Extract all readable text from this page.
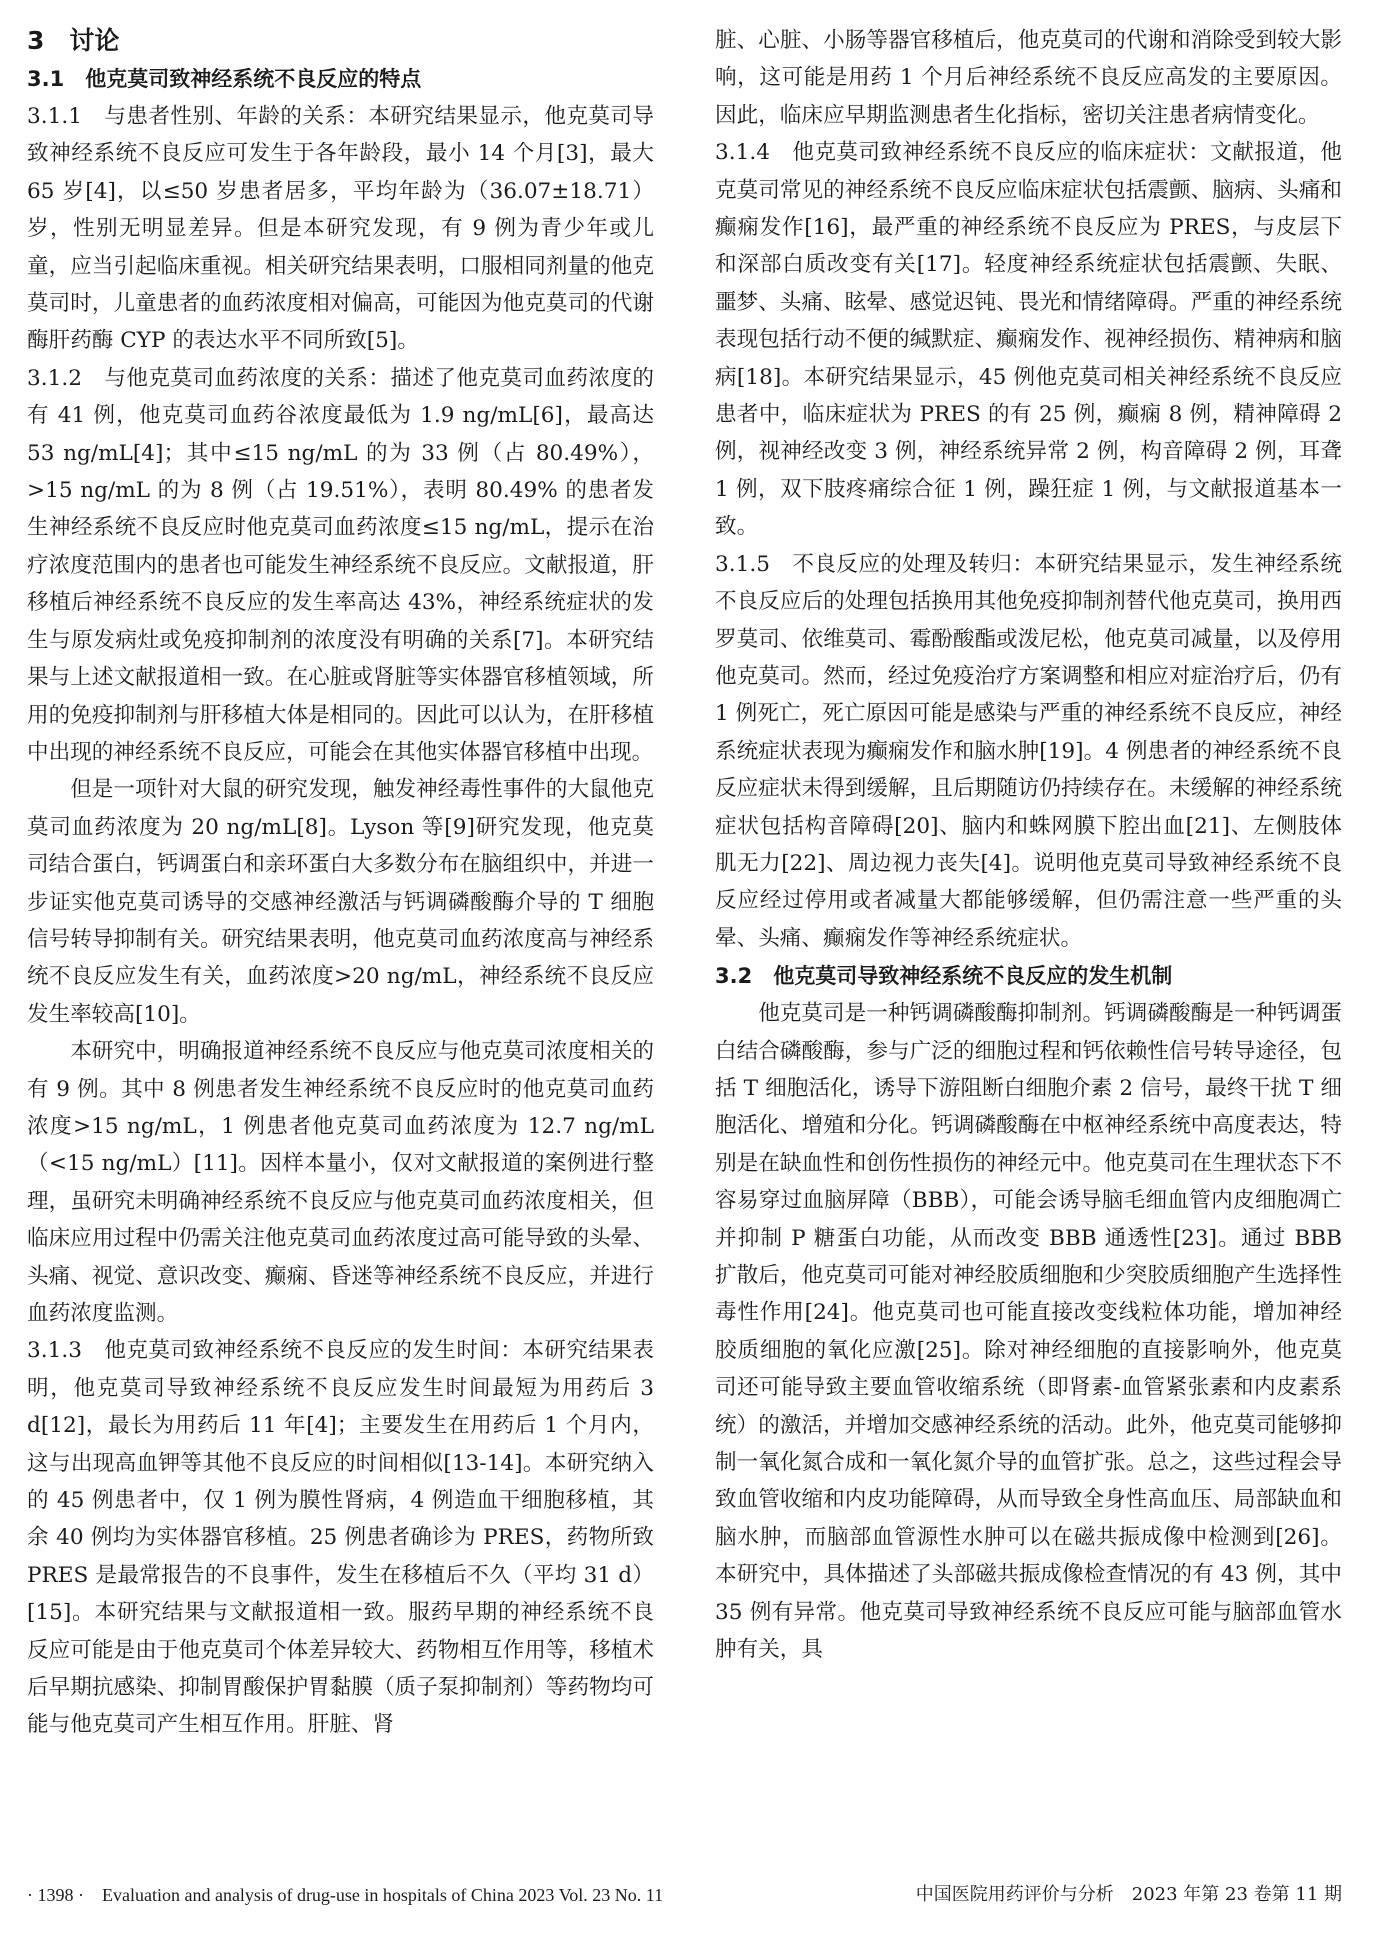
3　讨论

3.1　他克莫司致神经系统不良反应的特点

3.1.1　与患者性别、年龄的关系：本研究结果显示，他克莫司导致神经系统不良反应可发生于各年龄段，最小 14 个月[3]，最大 65 岁[4]，以≤50 岁患者居多，平均年龄为（36.07±18.71）岁，性别无明显差异。但是本研究发现，有 9 例为青少年或儿童，应当引起临床重视。相关研究结果表明，口服相同剂量的他克莫司时，儿童患者的血药浓度相对偏高，可能因为他克莫司的代谢酶肝药酶 CYP 的表达水平不同所致[5]。

3.1.2　与他克莫司血药浓度的关系：描述了他克莫司血药浓度的有 41 例，他克莫司血药谷浓度最低为 1.9 ng/mL[6]，最高达 53 ng/mL[4]；其中≤15 ng/mL 的为 33 例（占 80.49%），>15 ng/mL 的为 8 例（占 19.51%），表明 80.49% 的患者发生神经系统不良反应时他克莫司血药浓度≤15 ng/mL，提示在治疗浓度范围内的患者也可能发生神经系统不良反应。文献报道，肝移植后神经系统不良反应的发生率高达 43%，神经系统症状的发生与原发病灶或免疫抑制剂的浓度没有明确的关系[7]。本研究结果与上述文献报道相一致。在心脏或肾脏等实体器官移植领域，所用的免疫抑制剂与肝移植大体是相同的。因此可以认为，在肝移植中出现的神经系统不良反应，可能会在其他实体器官移植中出现。

但是一项针对大鼠的研究发现，触发神经毒性事件的大鼠他克莫司血药浓度为 20 ng/mL[8]。Lyson 等[9]研究发现，他克莫司结合蛋白，钙调蛋白和亲环蛋白大多数分布在脑组织中，并进一步证实他克莫司诱导的交感神经激活与钙调磷酸酶介导的 T 细胞信号转导抑制有关。研究结果表明，他克莫司血药浓度高与神经系统不良反应发生有关，血药浓度>20 ng/mL，神经系统不良反应发生率较高[10]。

本研究中，明确报道神经系统不良反应与他克莫司浓度相关的有 9 例。其中 8 例患者发生神经系统不良反应时的他克莫司血药浓度>15 ng/mL，1 例患者他克莫司血药浓度为 12.7 ng/mL（<15 ng/mL）[11]。因样本量小，仅对文献报道的案例进行整理，虽研究未明确神经系统不良反应与他克莫司血药浓度相关，但临床应用过程中仍需关注他克莫司血药浓度过高可能导致的头晕、头痛、视觉、意识改变、癫痫、昏迷等神经系统不良反应，并进行血药浓度监测。

3.1.3　他克莫司致神经系统不良反应的发生时间：本研究结果表明，他克莫司导致神经系统不良反应发生时间最短为用药后 3 d[12]，最长为用药后 11 年[4]；主要发生在用药后 1 个月内，这与出现高血钾等其他不良反应的时间相似[13-14]。本研究纳入的 45 例患者中，仅 1 例为膜性肾病，4 例造血干细胞移植，其余 40 例均为实体器官移植。25 例患者确诊为 PRES，药物所致 PRES 是最常报告的不良事件，发生在移植后不久（平均 31 d）[15]。本研究结果与文献报道相一致。服药早期的神经系统不良反应可能是由于他克莫司个体差异较大、药物相互作用等，移植术后早期抗感染、抑制胃酸保护胃黏膜（质子泵抑制剂）等药物均可能与他克莫司产生相互作用。肝脏、肾

脏、心脏、小肠等器官移植后，他克莫司的代谢和消除受到较大影响，这可能是用药 1 个月后神经系统不良反应高发的主要原因。因此，临床应早期监测患者生化指标，密切关注患者病情变化。

3.1.4　他克莫司致神经系统不良反应的临床症状：文献报道，他克莫司常见的神经系统不良反应临床症状包括震颤、脑病、头痛和癫痫发作[16]，最严重的神经系统不良反应为 PRES，与皮层下和深部白质改变有关[17]。轻度神经系统症状包括震颤、失眠、噩梦、头痛、眩晕、感觉迟钝、畏光和情绪障碍。严重的神经系统表现包括行动不便的缄默症、癫痫发作、视神经损伤、精神病和脑病[18]。本研究结果显示，45 例他克莫司相关神经系统不良反应患者中，临床症状为 PRES 的有 25 例，癫痫 8 例，精神障碍 2 例，视神经改变 3 例，神经系统异常 2 例，构音障碍 2 例，耳聋 1 例，双下肢疼痛综合征 1 例，躁狂症 1 例，与文献报道基本一致。

3.1.5　不良反应的处理及转归：本研究结果显示，发生神经系统不良反应后的处理包括换用其他免疫抑制剂替代他克莫司，换用西罗莫司、依维莫司、霉酚酸酯或泼尼松，他克莫司减量，以及停用他克莫司。然而，经过免疫治疗方案调整和相应对症治疗后，仍有 1 例死亡，死亡原因可能是感染与严重的神经系统不良反应，神经系统症状表现为癫痫发作和脑水肿[19]。4 例患者的神经系统不良反应症状未得到缓解，且后期随访仍持续存在。未缓解的神经系统症状包括构音障碍[20]、脑内和蛛网膜下腔出血[21]、左侧肢体肌无力[22]、周边视力丧失[4]。说明他克莫司导致神经系统不良反应经过停用或者减量大都能够缓解，但仍需注意一些严重的头晕、头痛、癫痫发作等神经系统症状。

3.2　他克莫司导致神经系统不良反应的发生机制

他克莫司是一种钙调磷酸酶抑制剂。钙调磷酸酶是一种钙调蛋白结合磷酸酶，参与广泛的细胞过程和钙依赖性信号转导途径，包括 T 细胞活化，诱导下游阻断白细胞介素 2 信号，最终干扰 T 细胞活化、增殖和分化。钙调磷酸酶在中枢神经系统中高度表达，特别是在缺血性和创伤性损伤的神经元中。他克莫司在生理状态下不容易穿过血脑屏障（BBB），可能会诱导脑毛细血管内皮细胞凋亡并抑制 P 糖蛋白功能，从而改变 BBB 通透性[23]。通过 BBB 扩散后，他克莫司可能对神经胶质细胞和少突胶质细胞产生选择性毒性作用[24]。他克莫司也可能直接改变线粒体功能，增加神经胶质细胞的氧化应激[25]。除对神经细胞的直接影响外，他克莫司还可能导致主要血管收缩系统（即肾素-血管紧张素和内皮素系统）的激活，并增加交感神经系统的活动。此外，他克莫司能够抑制一氧化氮合成和一氧化氮介导的血管扩张。总之，这些过程会导致血管收缩和内皮功能障碍，从而导致全身性高血压、局部缺血和脑水肿，而脑部血管源性水肿可以在磁共振成像中检测到[26]。本研究中，具体描述了头部磁共振成像检查情况的有 43 例，其中 35 例有异常。他克莫司导致神经系统不良反应可能与脑部血管水肿有关，具

· 1398 ·　Evaluation and analysis of drug-use in hospitals of China 2023 Vol. 23 No. 11	中国医院用药评价与分析　2023 年第 23 卷第 11 期
